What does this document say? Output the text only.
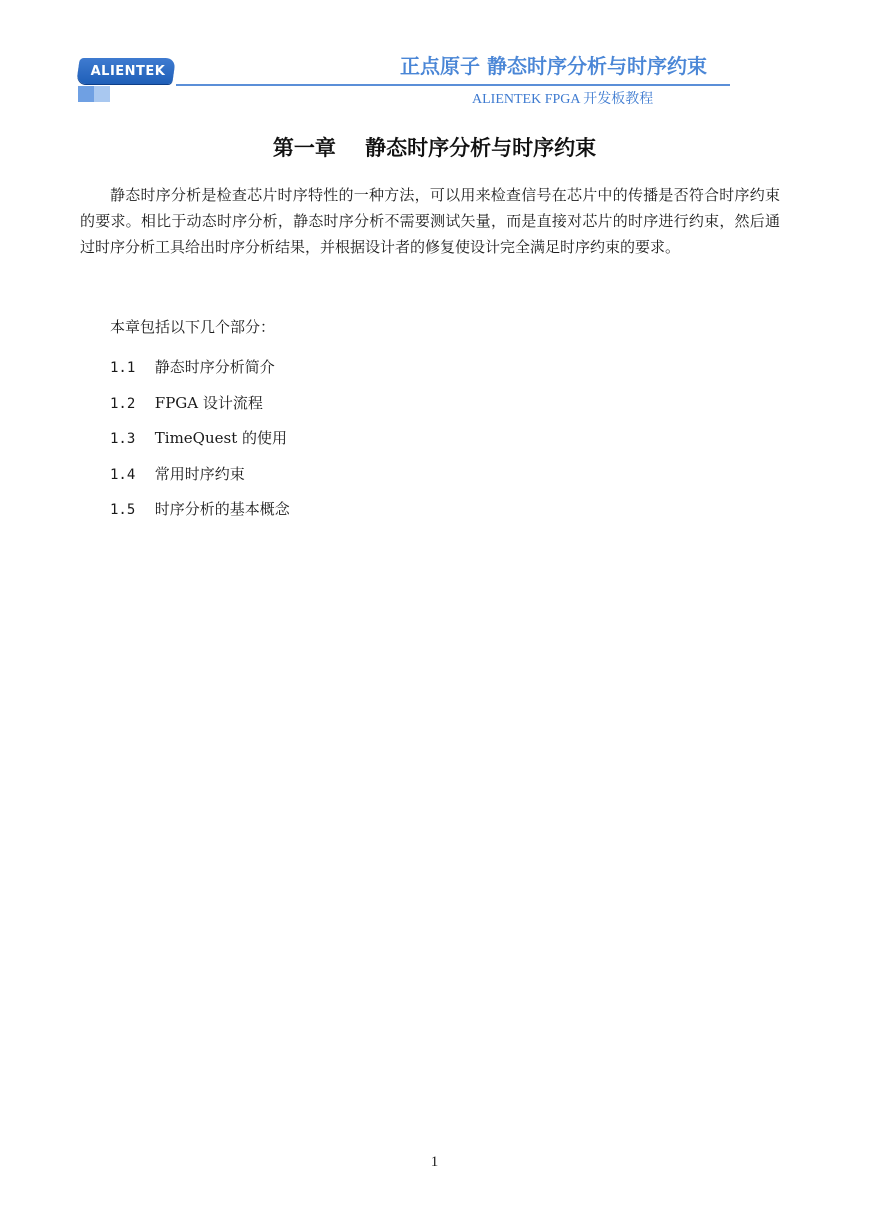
ALIENTEK	正点原子 静态时序分析与时序约束
ALIENTEK FPGA 开发板教程
第一章    静态时序分析与时序约束

静态时序分析是检查芯片时序特性的一种方法，可以用来检查信号在芯片中的传播是否符合时序约束的要求。相比于动态时序分析，静态时序分析不需要测试矢量，而是直接对芯片的时序进行约束，然后通过时序分析工具给出时序分析结果，并根据设计者的修复使设计完全满足时序约束的要求。

本章包括以下几个部分：

1.1 静态时序分析简介
1.2 FPGA 设计流程
1.3 TimeQuest 的使用
1.4 常用时序约束
1.5 时序分析的基本概念
1
